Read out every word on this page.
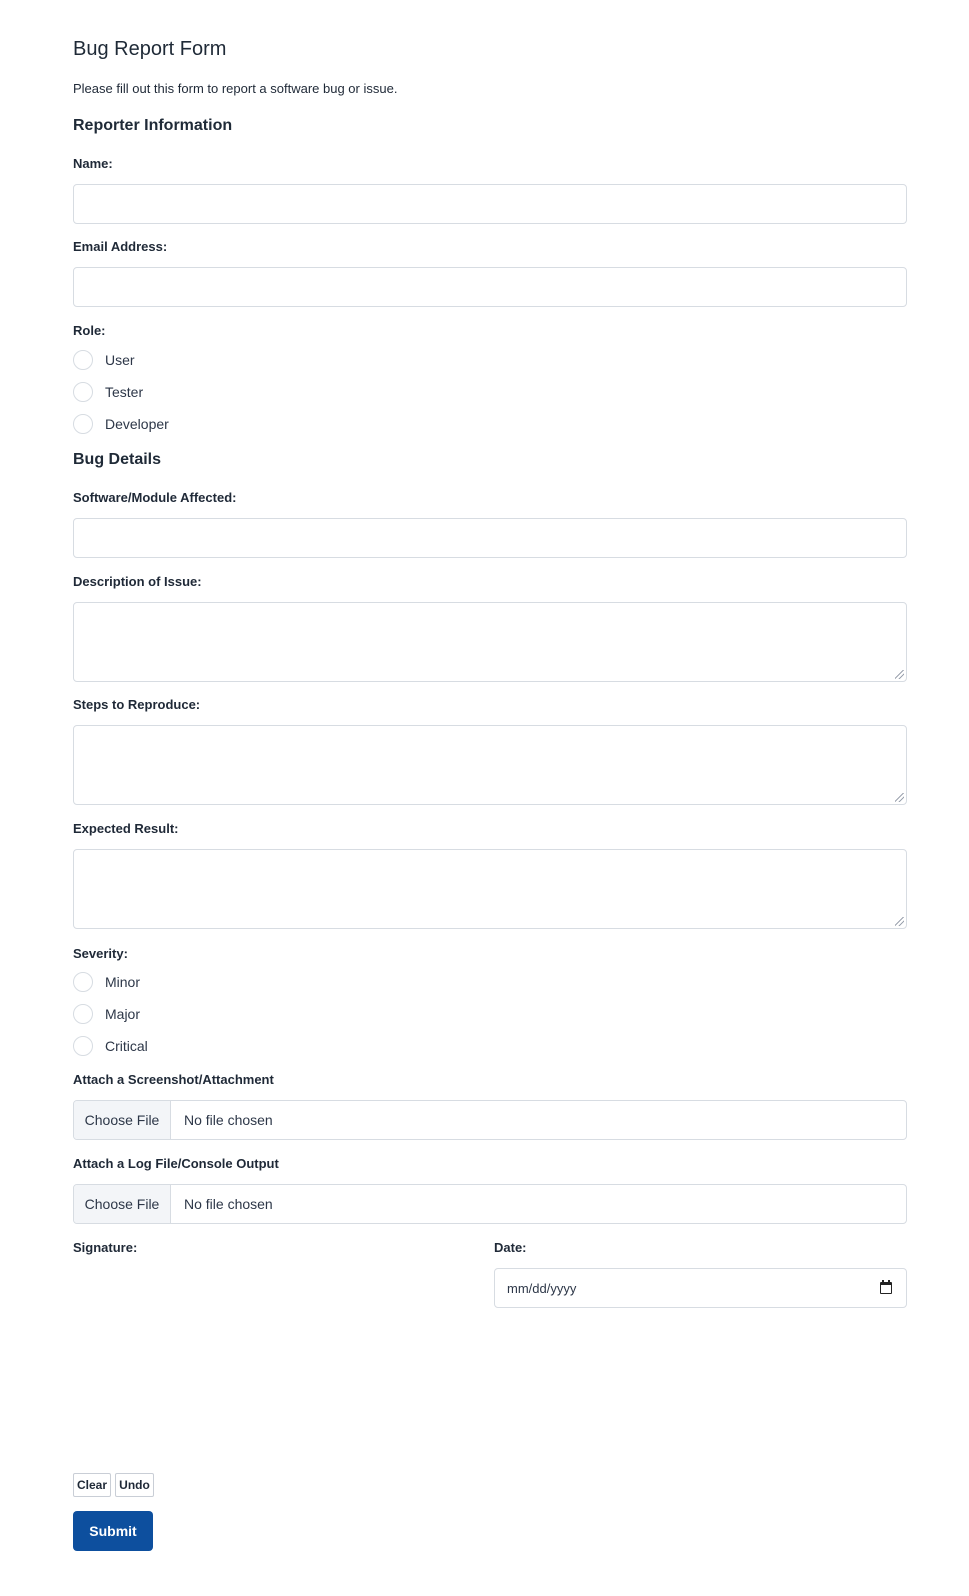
Bug Report Form

Please fill out this form to report a software bug or issue.

Reporter Information
Name:
Email Address:
Role:
User
Tester
Developer
Bug Details
Software/Module Affected:
Description of Issue:
Steps to Reproduce:
Expected Result:
Severity:
Minor
Major
Critical
Attach a Screenshot/Attachment
Choose File	No file chosen
Attach a Log File/Console Output
Choose File	No file chosen
Signature:	Date:
mm/dd/yyyy
Clear	Undo
Submit
